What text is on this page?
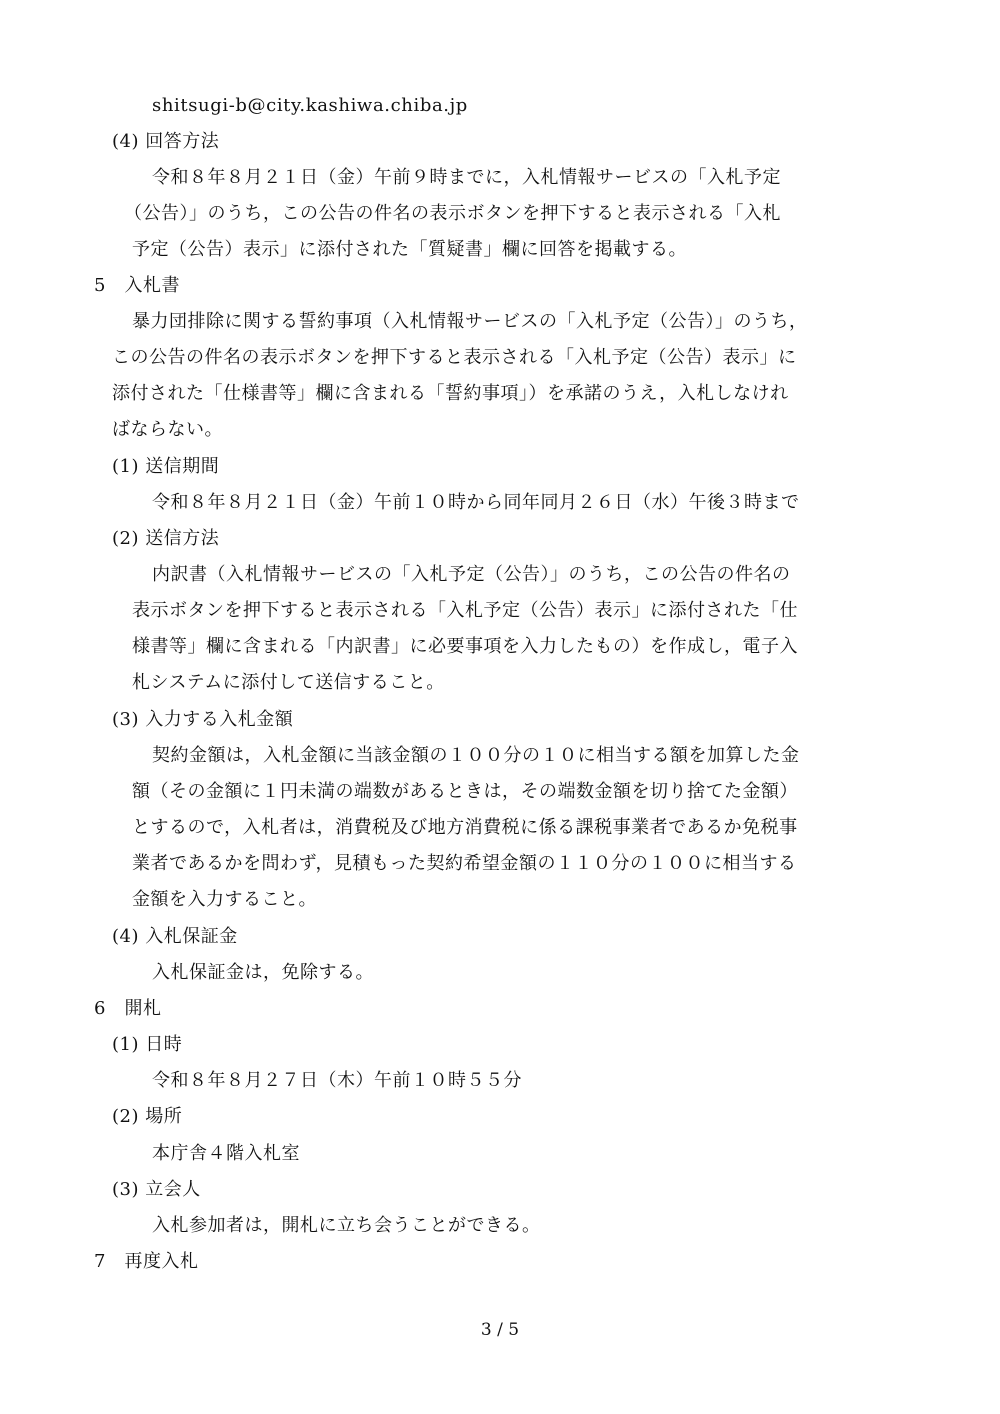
shitsugi-b@city.kashiwa.chiba.jp
(4) 回答方法
令和８年８月２１日（金）午前９時までに，入札情報サービスの「入札予定
（公告）」のうち，この公告の件名の表示ボタンを押下すると表示される「入札
予定（公告）表示」に添付された「質疑書」欄に回答を掲載する。
5　入札書
暴力団排除に関する誓約事項（入札情報サービスの「入札予定（公告）」のうち，
この公告の件名の表示ボタンを押下すると表示される「入札予定（公告）表示」に
添付された「仕様書等」欄に含まれる「誓約事項」）を承諾のうえ，入札しなけれ
ばならない。
(1) 送信期間
令和８年８月２１日（金）午前１０時から同年同月２６日（水）午後３時まで
(2) 送信方法
内訳書（入札情報サービスの「入札予定（公告）」のうち，この公告の件名の
表示ボタンを押下すると表示される「入札予定（公告）表示」に添付された「仕
様書等」欄に含まれる「内訳書」に必要事項を入力したもの）を作成し，電子入
札システムに添付して送信すること。
(3) 入力する入札金額
契約金額は，入札金額に当該金額の１００分の１０に相当する額を加算した金
額（その金額に１円未満の端数があるときは，その端数金額を切り捨てた金額）
とするので，入札者は，消費税及び地方消費税に係る課税事業者であるか免税事
業者であるかを問わず，見積もった契約希望金額の１１０分の１００に相当する
金額を入力すること。
(4) 入札保証金
入札保証金は，免除する。
6　開札
(1) 日時
令和８年８月２７日（木）午前１０時５５分
(2) 場所
本庁舎４階入札室
(3) 立会人
入札参加者は，開札に立ち会うことができる。
7　再度入札
3 / 5
